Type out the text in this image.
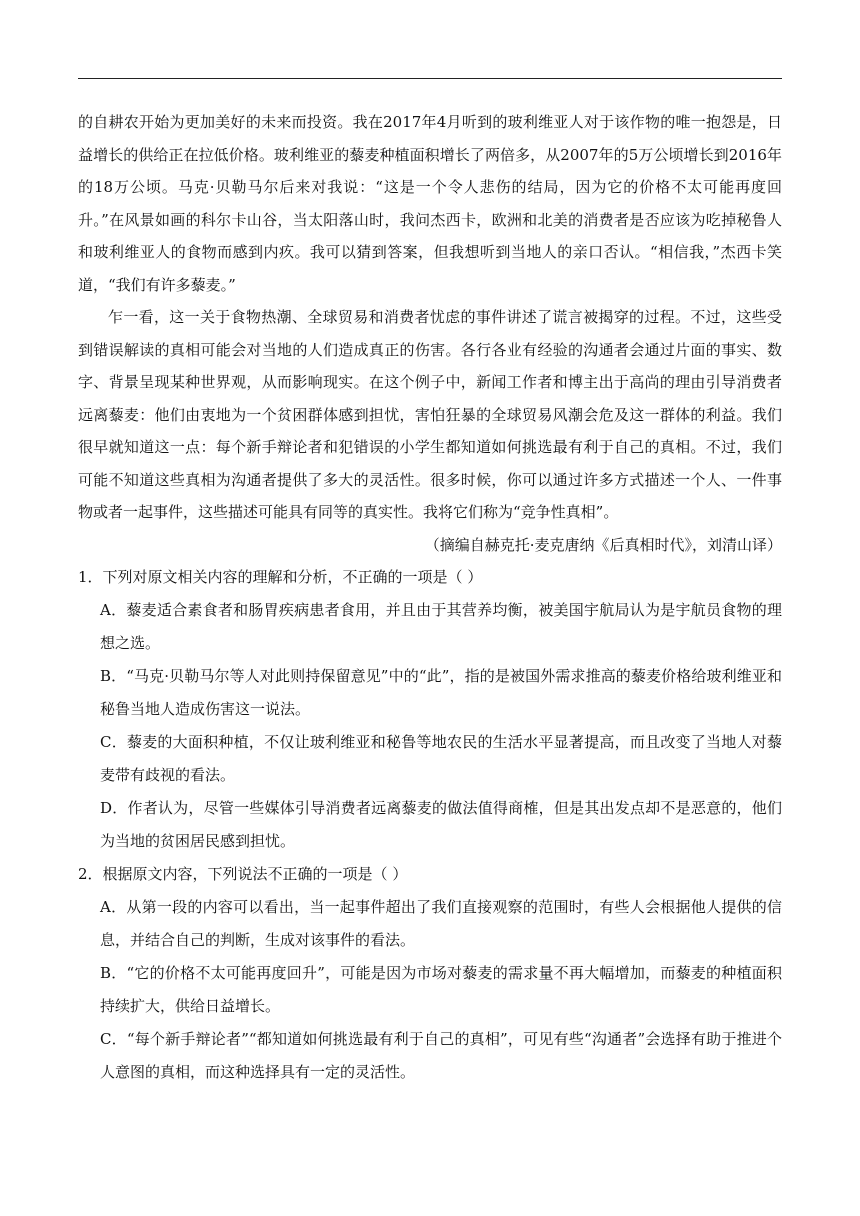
的自耕农开始为更加美好的未来而投资。我在2017年4月听到的玻利维亚人对于该作物的唯一抱怨是，日益增长的供给正在拉低价格。玻利维亚的藜麦种植面积增长了两倍多，从2007年的5万公顷增长到2016年的18万公顷。马克·贝勒马尔后来对我说：“这是一个令人悲伤的结局，因为它的价格不太可能再度回升。”在风景如画的科尔卡山谷，当太阳落山时，我问杰西卡，欧洲和北美的消费者是否应该为吃掉秘鲁人和玻利维亚人的食物而感到内疚。我可以猜到答案，但我想听到当地人的亲口否认。“相信我，”杰西卡笑道，“我们有许多藜麦。”

乍一看，这一关于食物热潮、全球贸易和消费者忧虑的事件讲述了谎言被揭穿的过程。不过，这些受到错误解读的真相可能会对当地的人们造成真正的伤害。各行各业有经验的沟通者会通过片面的事实、数字、背景呈现某种世界观，从而影响现实。在这个例子中，新闻工作者和博主出于高尚的理由引导消费者远离藜麦：他们由衷地为一个贫困群体感到担忧，害怕狂暴的全球贸易风潮会危及这一群体的利益。我们很早就知道这一点：每个新手辩论者和犯错误的小学生都知道如何挑选最有利于自己的真相。不过，我们可能不知道这些真相为沟通者提供了多大的灵活性。很多时候，你可以通过许多方式描述一个人、一件事物或者一起事件，这些描述可能具有同等的真实性。我将它们称为“竞争性真相”。

（摘编自赫克托·麦克唐纳《后真相时代》，刘清山译）

1．下列对原文相关内容的理解和分析，不正确的一项是（ ）

A．藜麦适合素食者和肠胃疾病患者食用，并且由于其营养均衡，被美国宇航局认为是宇航员食物的理想之选。

B．“马克·贝勒马尔等人对此则持保留意见”中的“此”，指的是被国外需求推高的藜麦价格给玻利维亚和秘鲁当地人造成伤害这一说法。

C．藜麦的大面积种植，不仅让玻利维亚和秘鲁等地农民的生活水平显著提高，而且改变了当地人对藜麦带有歧视的看法。

D．作者认为，尽管一些媒体引导消费者远离藜麦的做法值得商榷，但是其出发点却不是恶意的，他们为当地的贫困居民感到担忧。

2．根据原文内容，下列说法不正确的一项是（ ）

A．从第一段的内容可以看出，当一起事件超出了我们直接观察的范围时，有些人会根据他人提供的信息，并结合自己的判断，生成对该事件的看法。

B．“它的价格不太可能再度回升”，可能是因为市场对藜麦的需求量不再大幅增加，而藜麦的种植面积持续扩大，供给日益增长。

C．“每个新手辩论者”“都知道如何挑选最有利于自己的真相”，可见有些“沟通者”会选择有助于推进个人意图的真相，而这种选择具有一定的灵活性。
